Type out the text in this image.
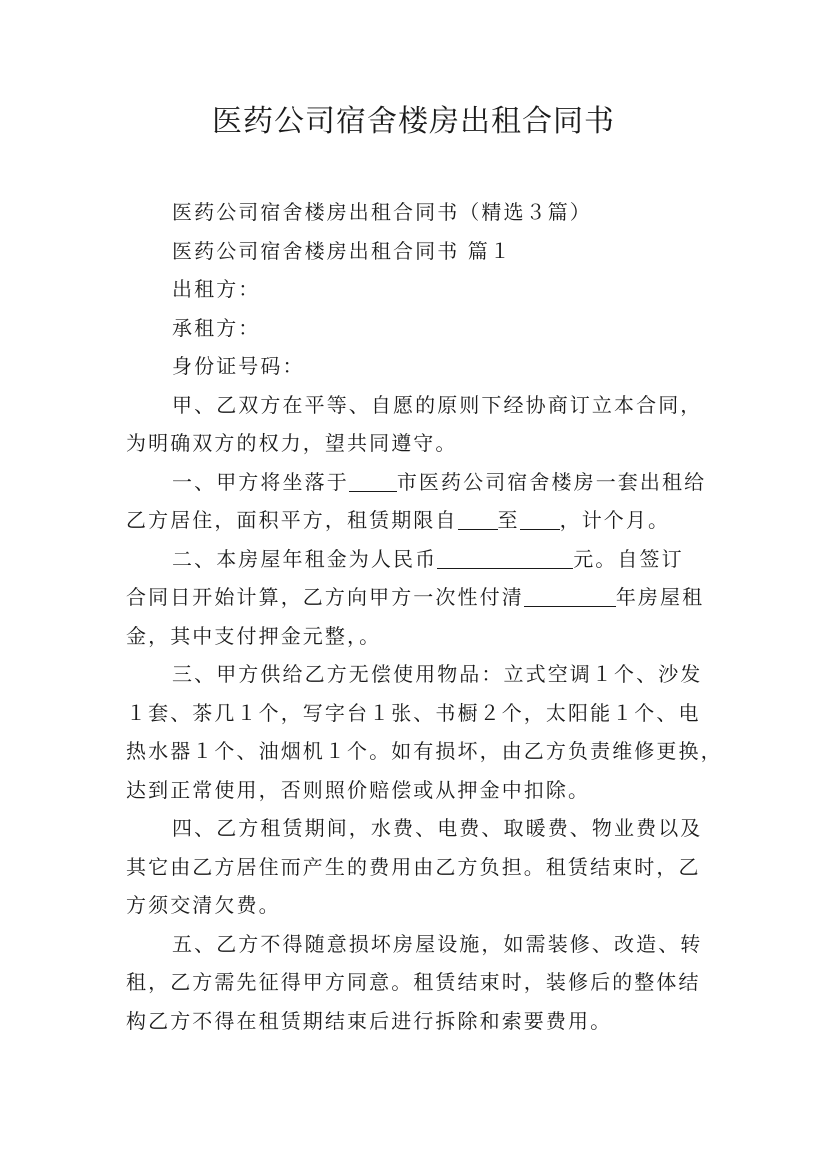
医药公司宿舍楼房出租合同书

医药公司宿舍楼房出租合同书（精选３篇）

医药公司宿舍楼房出租合同书 篇１

出租方：

承租方：

身份证号码：

甲、乙双方在平等、自愿的原则下经协商订立本合同，

为明确双方的权力，望共同遵守。

一、甲方将坐落于 市医药公司宿舍楼房一套出租给

乙方居住，面积平方，租赁期限自 至 ，计个月。

二、本房屋年租金为人民币	元。自签订

合同日开始计算，乙方向甲方一次性付清	年房屋租

金，其中支付押金元整，。

三、甲方供给乙方无偿使用物品：立式空调１个、沙发

１套、茶几１个，写字台１张、书橱２个，太阳能１个、电

热水器１个、油烟机１个。如有损坏，由乙方负责维修更换，

达到正常使用，否则照价赔偿或从押金中扣除。

四、乙方租赁期间，水费、电费、取暖费、物业费以及

其它由乙方居住而产生的费用由乙方负担。租赁结束时，乙

方须交清欠费。

五、乙方不得随意损坏房屋设施，如需装修、改造、转

租，乙方需先征得甲方同意。租赁结束时，装修后的整体结

构乙方不得在租赁期结束后进行拆除和索要费用。
